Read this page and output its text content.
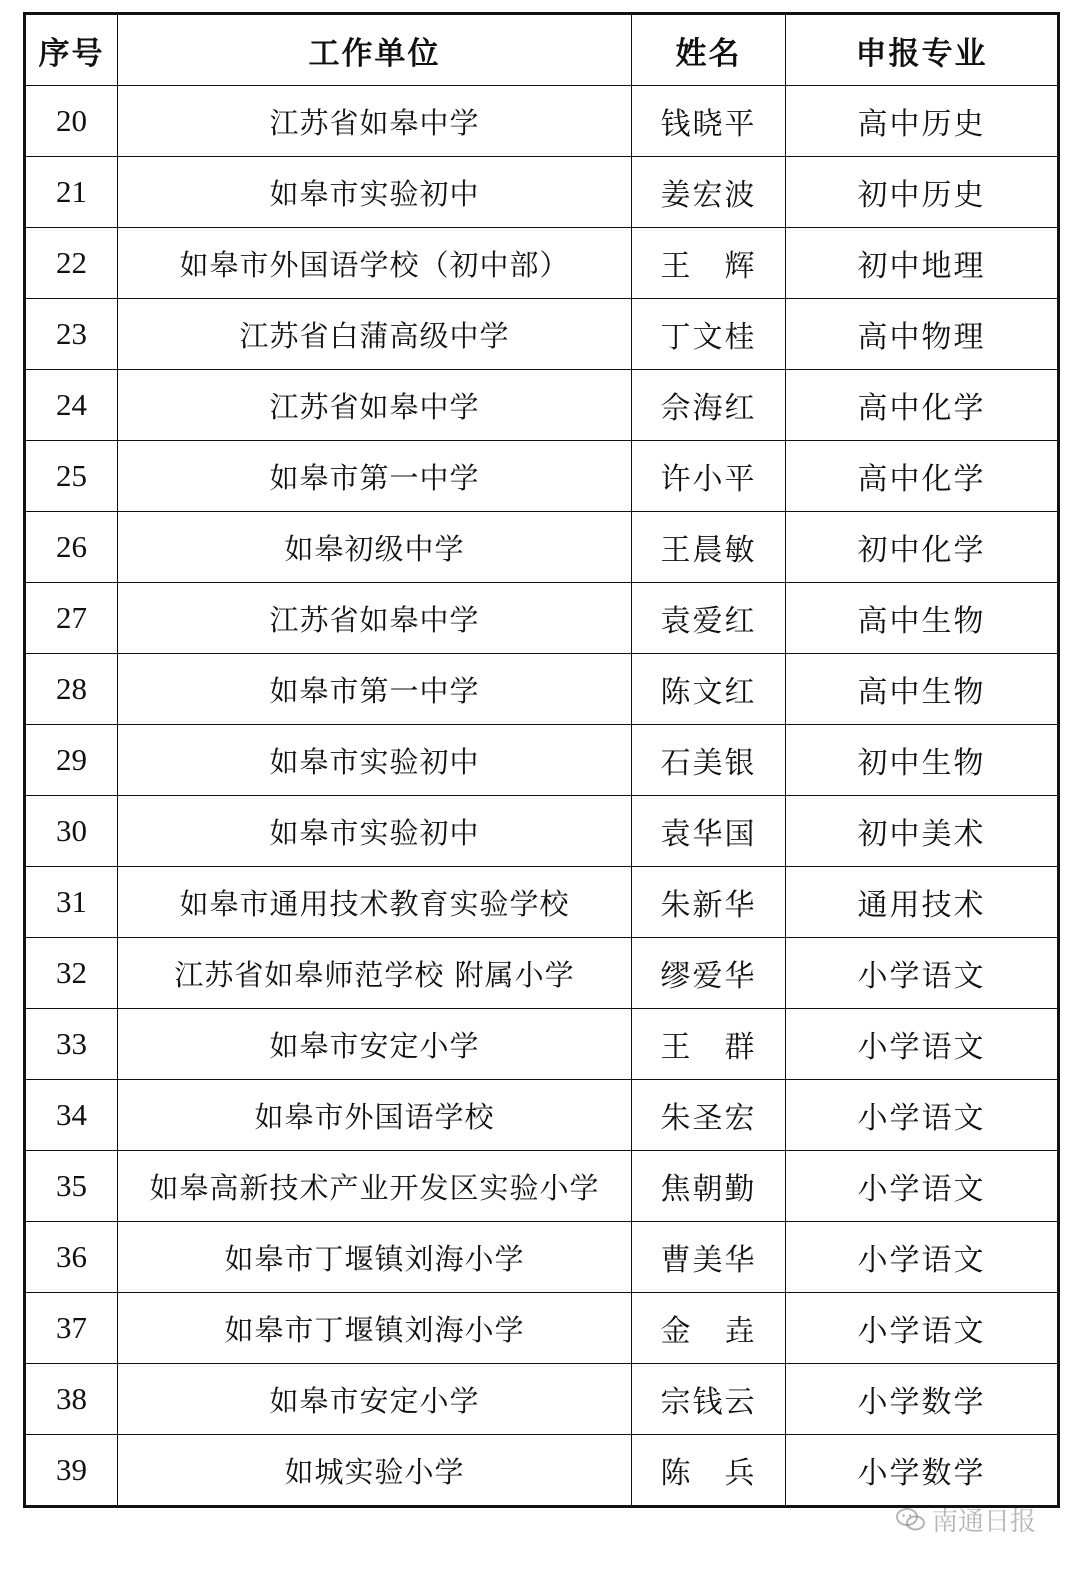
序号	工作单位	姓名	申报专业
20	江苏省如皋中学	钱晓平	高中历史
21	如皋市实验初中	姜宏波	初中历史
22	如皋市外国语学校（初中部）	王　辉	初中地理
23	江苏省白蒲高级中学	丁文桂	高中物理
24	江苏省如皋中学	佘海红	高中化学
25	如皋市第一中学	许小平	高中化学
26	如皋初级中学	王晨敏	初中化学
27	江苏省如皋中学	袁爱红	高中生物
28	如皋市第一中学	陈文红	高中生物
29	如皋市实验初中	石美银	初中生物
30	如皋市实验初中	袁华国	初中美术
31	如皋市通用技术教育实验学校	朱新华	通用技术
32	江苏省如皋师范学校 附属小学	缪爱华	小学语文
33	如皋市安定小学	王　群	小学语文
34	如皋市外国语学校	朱圣宏	小学语文
35	如皋高新技术产业开发区实验小学	焦朝勤	小学语文
36	如皋市丁堰镇刘海小学	曹美华	小学语文
37	如皋市丁堰镇刘海小学	金　垚	小学语文
38	如皋市安定小学	宗钱云	小学数学
39	如城实验小学	陈　兵	小学数学
南通日报
